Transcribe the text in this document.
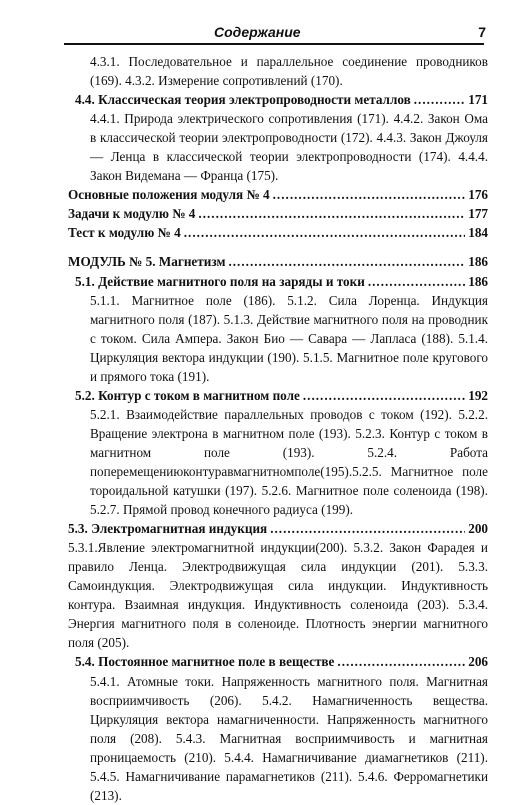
Содержание	7

4.3.1. Последовательное и параллельное соединение проводников (169). 4.3.2. Измерение сопротивлений (170).

4.4. Классическая теория электропроводности металлов .....	171

4.4.1. Природа электрического сопротивления (171). 4.4.2. Закон Ома в классической теории электропроводности (172). 4.4.3. Закон Джоуля — Ленца в классической теории электропроводности (174). 4.4.4. Закон Видемана — Франца (175).

Основные положения модуля № 4 .....	176
Задачи к модулю № 4 .....	177
Тест к модулю № 4 .....	184
МОДУЛЬ № 5. Магнетизм .....	186
5.1. Действие магнитного поля на заряды и токи .....	186

5.1.1. Магнитное поле (186). 5.1.2. Сила Лоренца. Индукция магнитного поля (187). 5.1.3. Действие магнитного поля на проводник с током. Сила Ампера. Закон Био — Савара — Лапласа (188). 5.1.4. Циркуляция вектора индукции (190). 5.1.5. Магнитное поле кругового и прямого тока (191).

5.2. Контур с током в магнитном поле .....	192

5.2.1. Взаимодействие параллельных проводов с током (192). 5.2.2. Вращение электрона в магнитном поле (193). 5.2.3. Контур с током в магнитном поле (193). 5.2.4. Работа поперемещениюконтуравмагнитномполе(195).5.2.5. Магнитное поле тороидальной катушки (197). 5.2.6. Магнитное поле соленоида (198). 5.2.7. Прямой провод конечного радиуса (199).

5.3. Электромагнитная индукция .....	200

5.3.1.Явление электромагнитной индукции(200). 5.3.2. Закон Фарадея и правило Ленца. Электродвижущая сила индукции (201). 5.3.3. Самоиндукция. Электродвижущая сила индукции. Индуктивность контура. Взаимная индукция. Индуктивность соленоида (203). 5.3.4. Энергия магнитного поля в соленоиде. Плотность энергии магнитного поля (205).

5.4. Постоянное магнитное поле в веществе .....	206

5.4.1. Атомные токи. Напряженность магнитного поля. Магнитная восприимчивость (206). 5.4.2. Намагниченность вещества. Циркуляция вектора намагниченности. Напряженность магнитного поля (208). 5.4.3. Магнитная восприимчивость и магнитная проницаемость (210). 5.4.4. Намагничивание диамагнетиков (211). 5.4.5. Намагничивание парамагнетиков (211). 5.4.6. Ферромагнетики (213).
